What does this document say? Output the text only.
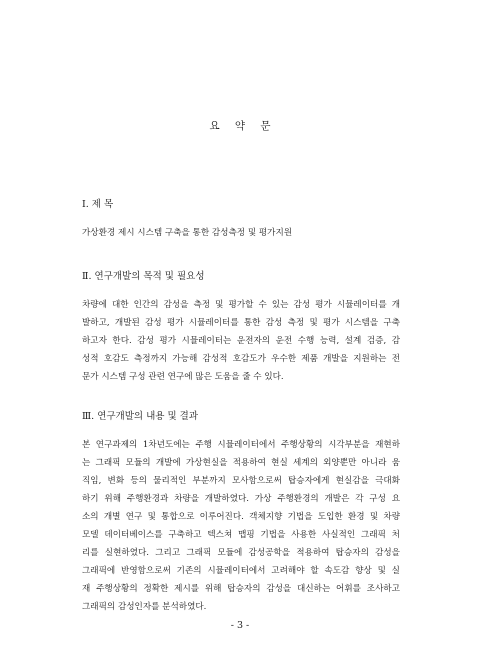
요 약 문
Ⅰ. 제 목
가상환경 제시 시스템 구축을 통한 감성측정 및 평가지원
Ⅱ. 연구개발의 목적 및 필요성
차량에 대한 인간의 감성을 측정 및 평가할 수 있는 감성 평가 시뮬레이터를 개
발하고, 개발된 감성 평가 시뮬레이터를 통한 감성 측정 및 평가 시스템을 구축
하고자 한다. 감성 평가 시뮬레이터는 운전자의 운전 수행 능력, 설계 검증, 감
성적 호감도 측정까지 가능해 감성적 호감도가 우수한 제품 개발을 지원하는 전
문가 시스템 구성 관련 연구에 많은 도움을 줄 수 있다.
Ⅲ. 연구개발의 내용 및 결과
본 연구과제의 1차년도에는 주행 시뮬레이터에서 주행상황의 시각부분을 재현하
는 그래픽 모듈의 개발에 가상현실을 적용하여 현실 세계의 외양뿐만 아니라 움
직임, 변화 등의 물리적인 부분까지 모사함으로써 탑승자에게 현실감을 극대화
하기 위해 주행환경과 차량을 개발하였다. 가상 주행환경의 개발은 각 구성 요
소의 개별 연구 및 통합으로 이루어진다. 객체지향 기법을 도입한 환경 및 차량
모델 데이터베이스를 구축하고 텍스쳐 맵핑 기법을 사용한 사실적인 그래픽 처
리를 실현하였다. 그리고 그래픽 모듈에 감성공학을 적용하여 탑승자의 감성을
그래픽에 반영함으로써 기존의 시뮬레이터에서 고려해야 할 속도감 향상 및 실
재 주행상황의 정확한 제시를 위해 탑승자의 감성을 대신하는 어휘를 조사하고
그래픽의 감성인자를 분석하였다.
- 3 -
